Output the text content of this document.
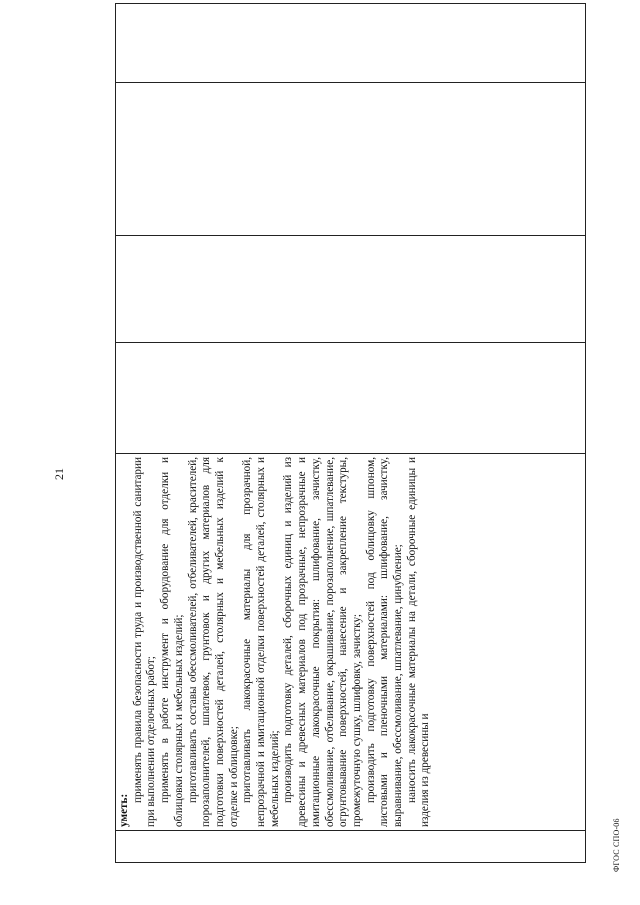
21

уметь:
применять правила безопасности труда и производственной санитарии при выполнении отделочных работ; применять в работе инструмент и оборудование для отделки и облицовки столярных и мебельных изделий; приготавливать составы обессмоливателей, отбеливателей, красителей, порозаполнителей, шпатлевок, грунтовок и других материалов для подготовки поверхностей деталей, столярных и мебельных изделий к отделке и облицовке; приготавливать лакокрасочные материалы для прозрачной, непрозрачной и имитационной отделки поверхностей деталей, столярных и мебельных изделий; производить подготовку деталей, сборочных единиц и изделий из древесины и древесных материалов под прозрачные, непрозрачные и имитационные лакокрасочные покрытия: шлифование, зачистку, обессмоливание, отбеливание, окрашивание, порозаполнение, шпатлевание, огрунтовывание поверхностей, нанесение и закрепление текстуры, промежуточную сушку, шлифовку, зачистку; производить подготовку поверхностей под облицовку шпоном, листовыми и пленочными материалами: шлифование, зачистку, выравнивание, обессмоливание, шпатлевание, цинубление; наносить лакокрасочные материалы на детали, сборочные единицы и изделия из древесины и

ФГОС СПО-06
